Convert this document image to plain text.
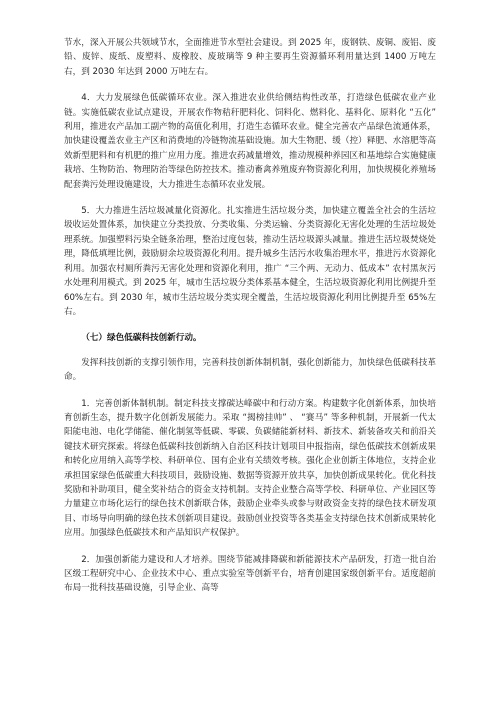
节水，深入开展公共领域节水，全面推进节水型社会建设。到 2025 年，废钢铁、废铜、废铝、废铅、废锌、废纸、废塑料、废橡胶、废玻璃等 9 种主要再生资源循环利用量达到 1400 万吨左右，到 2030 年达到 2000 万吨左右。

4．大力发展绿色低碳循环农业。深入推进农业供给侧结构性改革，打造绿色低碳农业产业链。实施低碳农业试点建设，开展农作物秸秆肥料化、饲料化、燃料化、基料化、原料化 “五化” 利用，推进农产品加工副产物的高值化利用，打造生态循环农业。健全完善农产品绿色流通体系，加快建设覆盖农业主产区和消费地的冷链物流基础设施。加大生物肥、缓（控）释肥、水溶肥等高效新型肥料和有机肥的推广应用力度。推进农药减量增效，推动规模种养园区和基地综合实施健康栽培、生物防治、物理防治等绿色防控技术。推动畜禽养殖废弃物资源化利用，加快规模化养殖场配套粪污处理设施建设，大力推进生态循环农业发展。

5．大力推进生活垃圾减量化资源化。扎实推进生活垃圾分类，加快建立覆盖全社会的生活垃圾收运处置体系，加快建立分类投放、分类收集、分类运输、分类资源化无害化处理的生活垃圾处理系统。加强塑料污染全链条治理，整治过度包装，推动生活垃圾源头减量。推进生活垃圾焚烧处理，降低填埋比例，鼓励厨余垃圾资源化利用。提升城乡生活污水收集治理水平，推进污水资源化利用。加强农村厕所粪污无害化处理和资源化利用，推广 “三个两、无动力、低成本” 农村黑灰污水处理利用模式。到 2025 年，城市生活垃圾分类体系基本健全，生活垃圾资源化利用比例提升至 60%左右。到 2030 年，城市生活垃圾分类实现全覆盖，生活垃圾资源化利用比例提升至 65%左右。

（七）绿色低碳科技创新行动。

发挥科技创新的支撑引领作用，完善科技创新体制机制，强化创新能力，加快绿色低碳科技革命。

1．完善创新体制机制。制定科技支撑碳达峰碳中和行动方案。构建数字化创新体系，加快培育创新生态，提升数字化创新发展能力。采取 “揭榜挂帅” 、 “赛马” 等多种机制，开展新一代太阳能电池、电化学储能、催化制氢等低碳、零碳、负碳储能新材料、新技术、新装备攻关和前沿关键技术研究探索。将绿色低碳科技创新纳入自治区科技计划项目申报指南，绿色低碳技术创新成果和转化应用纳入高等学校、科研单位、国有企业有关绩效考核。强化企业创新主体地位，支持企业承担国家绿色低碳重大科技项目，鼓励设施、数据等资源开放共享，加快创新成果转化。优化科技奖励和补助项目，健全奖补结合的资金支持机制。支持企业整合高等学校、科研单位、产业园区等力量建立市场化运行的绿色技术创新联合体，鼓励企业牵头或参与财政资金支持的绿色技术研发项目、市场导向明确的绿色技术创新项目建设。鼓励创业投资等各类基金支持绿色技术创新成果转化应用。加强绿色低碳技术和产品知识产权保护。

2．加强创新能力建设和人才培养。围绕节能减排降碳和新能源技术产品研发，打造一批自治区级工程研究中心、企业技术中心、重点实验室等创新平台，培育创建国家级创新平台。适度超前布局一批科技基础设施，引导企业、高等
